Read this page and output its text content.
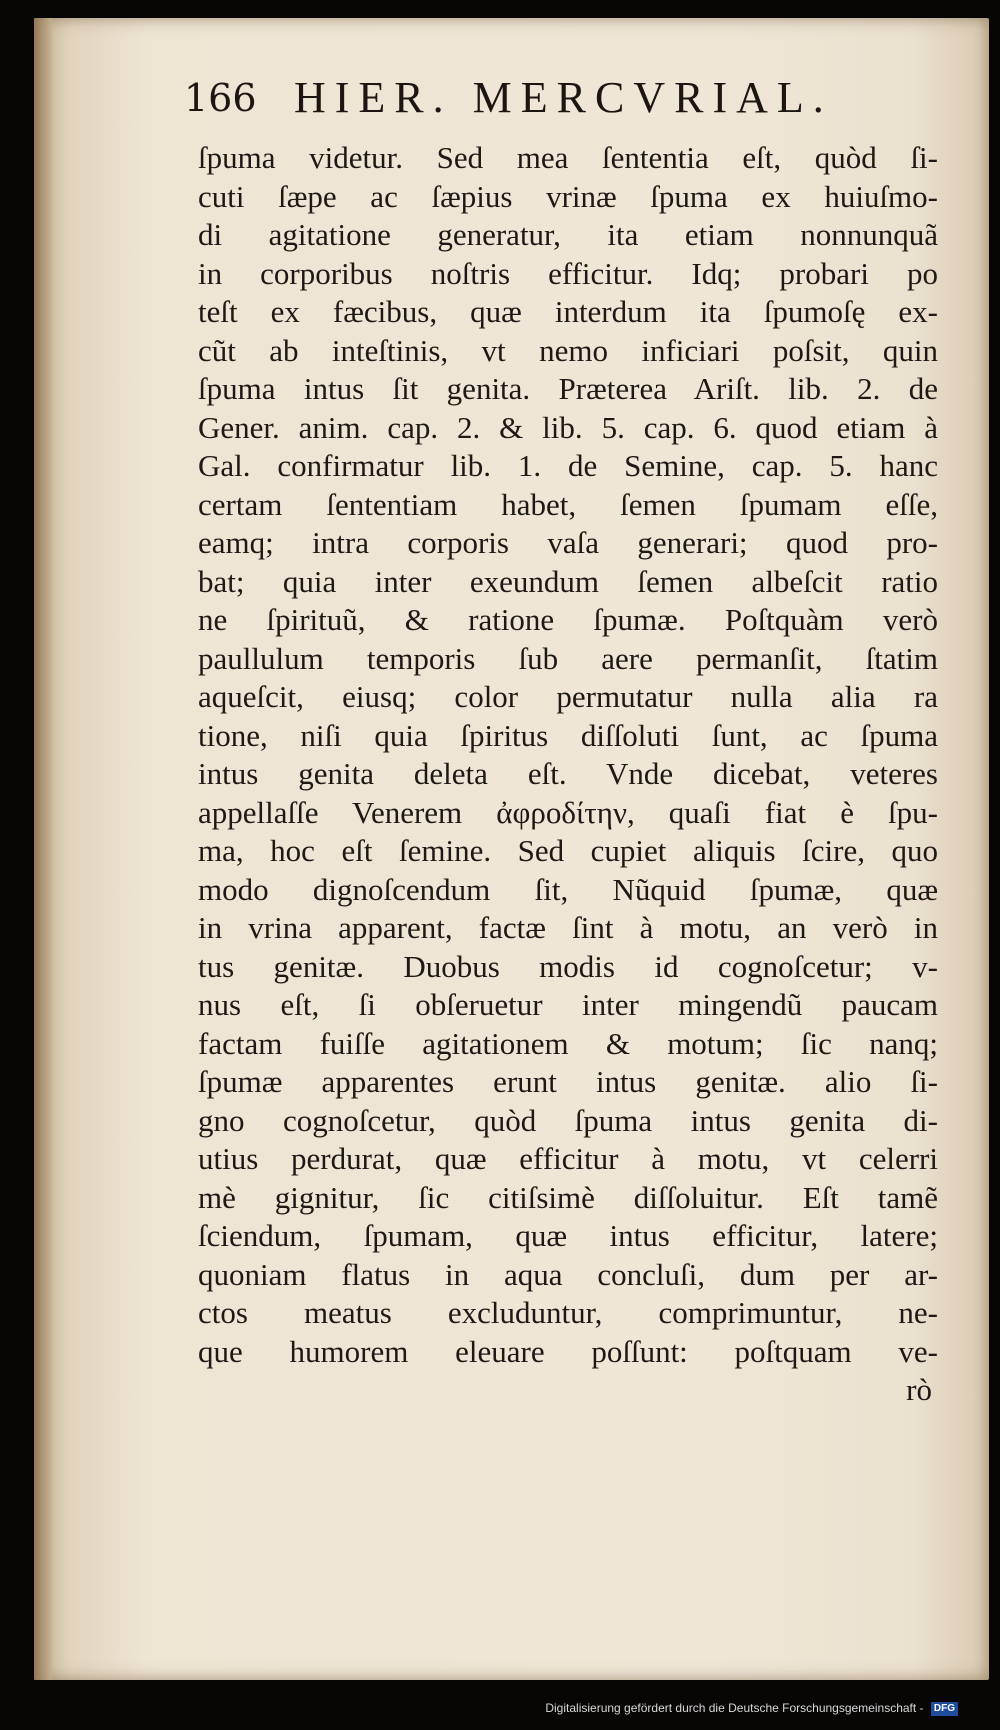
166 HIER. MERCVRIAL.
ſpuma videtur. Sed mea ſententia eſt, quòd ſi-
cuti ſæpe ac ſæpius vrinæ ſpuma ex huiuſmo-
di agitatione generatur, ita etiam nonnunquã
in corporibus noſtris efficitur. Idq; probari po
teſt ex fæcibus, quæ interdum ita ſpumoſę ex-
cũt ab inteſtinis, vt nemo inficiari poſsit, quin
ſpuma intus ſit genita. Præterea Ariſt. lib. 2. de
Gener. anim. cap. 2. & lib. 5. cap. 6. quod etiam à
Gal. confirmatur lib. 1. de Semine, cap. 5. hanc
certam ſententiam habet, ſemen ſpumam eſſe,
eamq; intra corporis vaſa generari; quod pro-
bat; quia inter exeundum ſemen albeſcit ratio
ne ſpirituũ, & ratione ſpumæ. Poſtquàm verò
paullulum temporis ſub aere permanſit, ſtatim
aqueſcit, eiusq; color permutatur nulla alia ra
tione, niſi quia ſpiritus diſſoluti ſunt, ac ſpuma
intus genita deleta eſt. Vnde dicebat, veteres
appellaſſe Venerem ἀφροδίτην, quaſi fiat è ſpu-
ma, hoc eſt ſemine. Sed cupiet aliquis ſcire, quo
modo dignoſcendum ſit, Nũquid ſpumæ, quæ
in vrina apparent, factæ ſint à motu, an verò in
tus genitæ. Duobus modis id cognoſcetur; v-
nus eſt, ſi obſeruetur inter mingendũ paucam
factam fuiſſe agitationem & motum; ſic nanq;
ſpumæ apparentes erunt intus genitæ. alio ſi-
gno cognoſcetur, quòd ſpuma intus genita di-
utius perdurat, quæ efficitur à motu, vt celerri
mè gignitur, ſic citiſsimè diſſoluitur. Eſt tamẽ
ſciendum, ſpumam, quæ intus efficitur, latere;
quoniam flatus in aqua concluſi, dum per ar-
ctos meatus excluduntur, comprimuntur, ne-
que humorem eleuare poſſunt: poſtquam ve-
rò
Digitalisierung gefördert durch die Deutsche Forschungsgemeinschaft - DFG
